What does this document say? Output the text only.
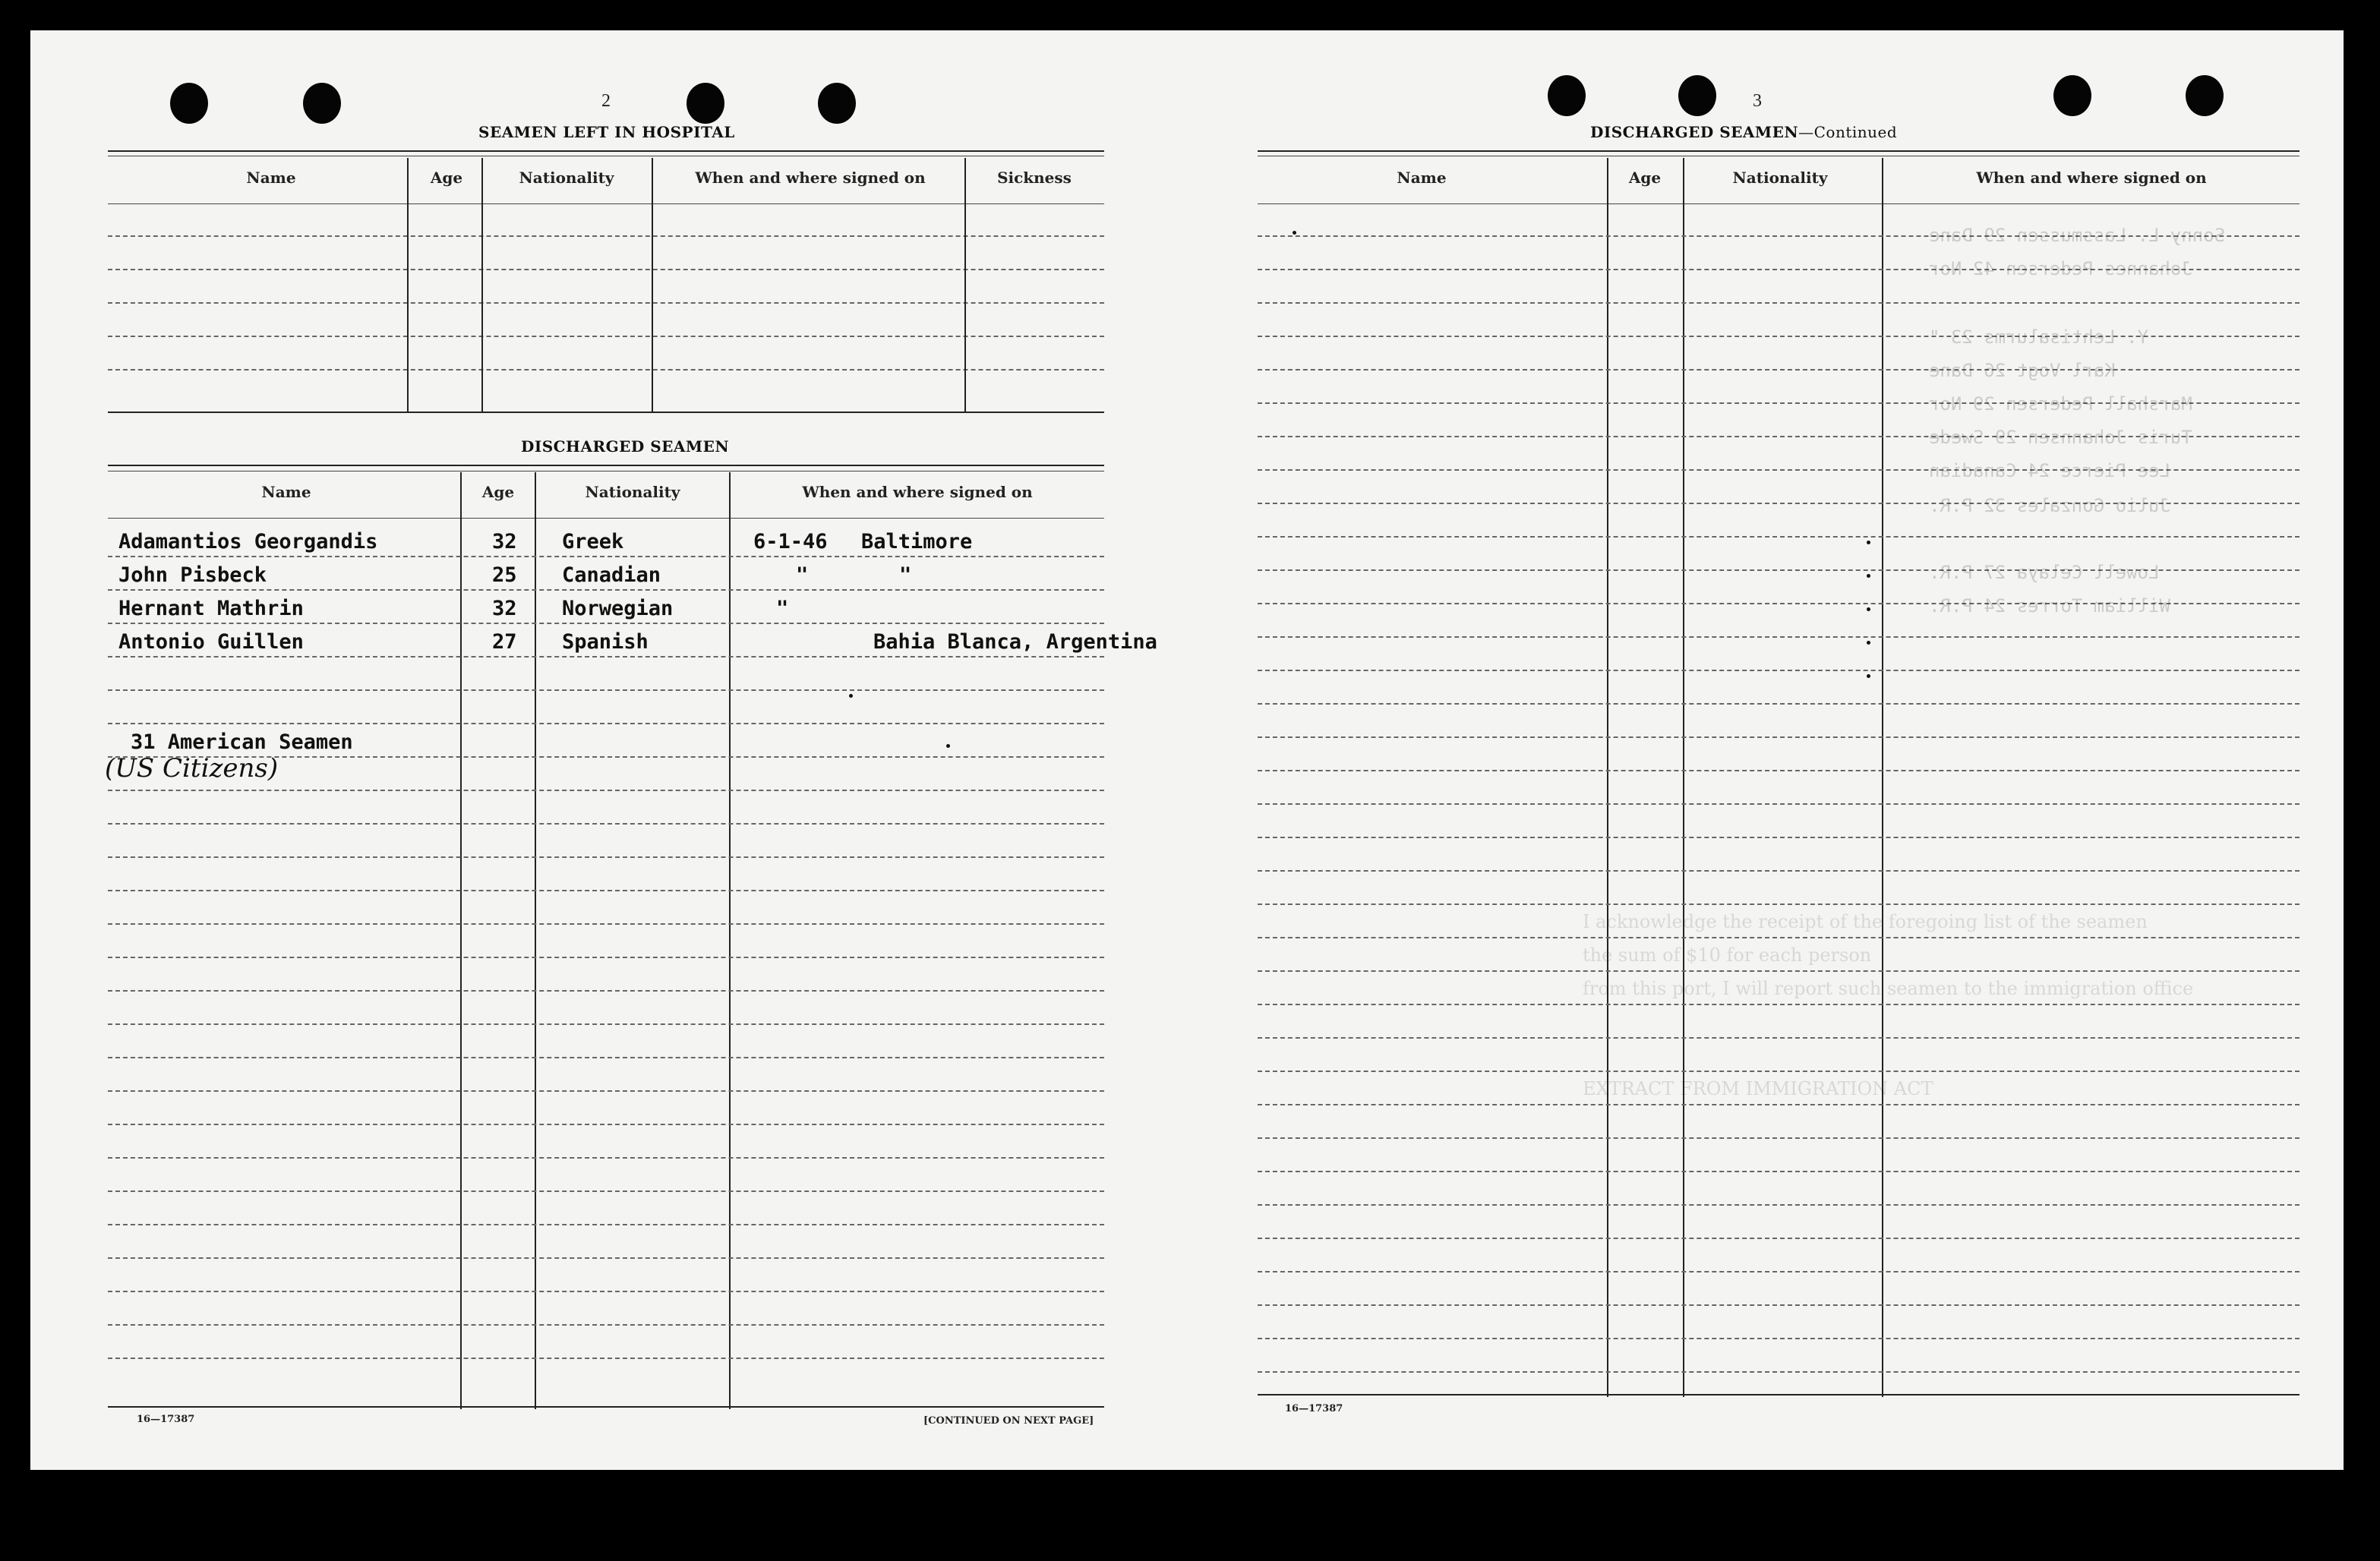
2
SEAMEN LEFT IN HOSPITAL
Name	Age	Nationality	When and where signed on	Sickness
DISCHARGED SEAMEN
Name	Age	Nationality	When and where signed on
Adamantios Georgandis	32 Greek	6-1-46 Baltimore
John Pisbeck	25 Canadian	"	"
Hernant Mathrin	32 Norwegian	"
Antonio Guillen	27 Spanish	Bahia Blanca, Argentina
31 American Seamen
(US Citizens)
16—17387	[CONTINUED ON NEXT PAGE]
3
DISCHARGED SEAMEN—Continued
Name	Age	Nationality	When and where signed on
16—17387
Sonny L. Lassmussen 29 Dane
Johannes Pedersen 42 Nor
Y. Lehtisalurms 23 "
Karl Vogt 26 Dane
Marshall Pedersen 29 Nor
Turis Johannsen 29 Swede
Lee Pierce 24 Canadian
Julio Gonzales 32 P.R.
Lowell Celaya 27 P.R.
William Torres 24 P.R.
I acknowledge the receipt of the foregoing list of the seamen
the sum of $10 for each person
from this port, I will report such seamen to the immigration office
EXTRACT FROM IMMIGRATION ACT
